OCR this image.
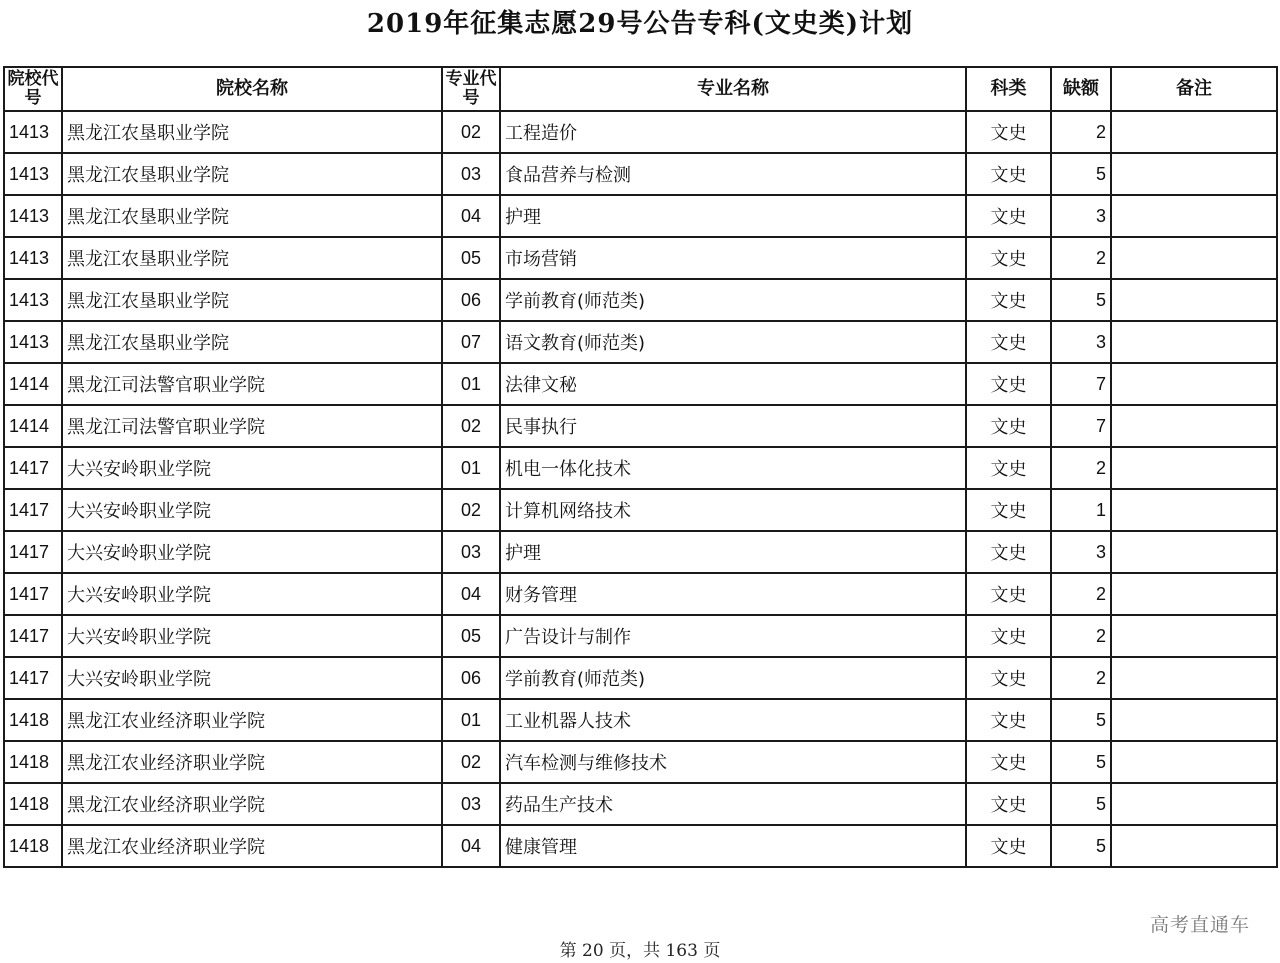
2019年征集志愿29号公告专科(文史类)计划
院校代号	院校名称	专业代号	专业名称	科类	缺额	备注
1413	黑龙江农垦职业学院	02	工程造价	文史	2	
1413	黑龙江农垦职业学院	03	食品营养与检测	文史	5	
1413	黑龙江农垦职业学院	04	护理	文史	3	
1413	黑龙江农垦职业学院	05	市场营销	文史	2	
1413	黑龙江农垦职业学院	06	学前教育(师范类)	文史	5	
1413	黑龙江农垦职业学院	07	语文教育(师范类)	文史	3	
1414	黑龙江司法警官职业学院	01	法律文秘	文史	7	
1414	黑龙江司法警官职业学院	02	民事执行	文史	7	
1417	大兴安岭职业学院	01	机电一体化技术	文史	2	
1417	大兴安岭职业学院	02	计算机网络技术	文史	1	
1417	大兴安岭职业学院	03	护理	文史	3	
1417	大兴安岭职业学院	04	财务管理	文史	2	
1417	大兴安岭职业学院	05	广告设计与制作	文史	2	
1417	大兴安岭职业学院	06	学前教育(师范类)	文史	2	
1418	黑龙江农业经济职业学院	01	工业机器人技术	文史	5	
1418	黑龙江农业经济职业学院	02	汽车检测与维修技术	文史	5	
1418	黑龙江农业经济职业学院	03	药品生产技术	文史	5	
1418	黑龙江农业经济职业学院	04	健康管理	文史	5	
高考直通车
第 20 页，共 163 页
